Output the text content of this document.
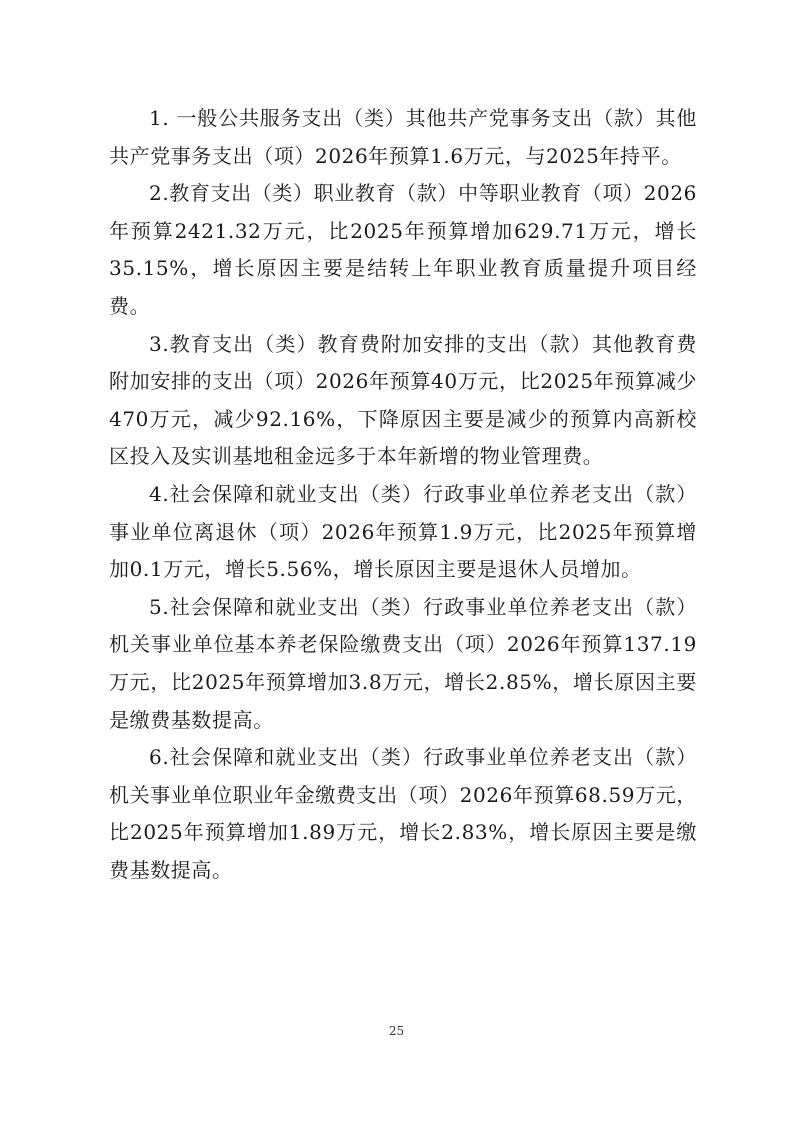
1. 一般公共服务支出（类）其他共产党事务支出（款）其他共产党事务支出（项）2026年预算1.6万元，与2025年持平。

2.教育支出（类）职业教育（款）中等职业教育（项）2026年预算2421.32万元，比2025年预算增加629.71万元，增长35.15%，增长原因主要是结转上年职业教育质量提升项目经费。

3.教育支出（类）教育费附加安排的支出（款）其他教育费附加安排的支出（项）2026年预算40万元，比2025年预算减少470万元，减少92.16%，下降原因主要是减少的预算内高新校区投入及实训基地租金远多于本年新增的物业管理费。

4.社会保障和就业支出（类）行政事业单位养老支出（款）事业单位离退休（项）2026年预算1.9万元，比2025年预算增加0.1万元，增长5.56%，增长原因主要是退休人员增加。

5.社会保障和就业支出（类）行政事业单位养老支出（款）机关事业单位基本养老保险缴费支出（项）2026年预算137.19万元，比2025年预算增加3.8万元，增长2.85%，增长原因主要是缴费基数提高。

6.社会保障和就业支出（类）行政事业单位养老支出（款）机关事业单位职业年金缴费支出（项）2026年预算68.59万元，比2025年预算增加1.89万元，增长2.83%，增长原因主要是缴费基数提高。

25
